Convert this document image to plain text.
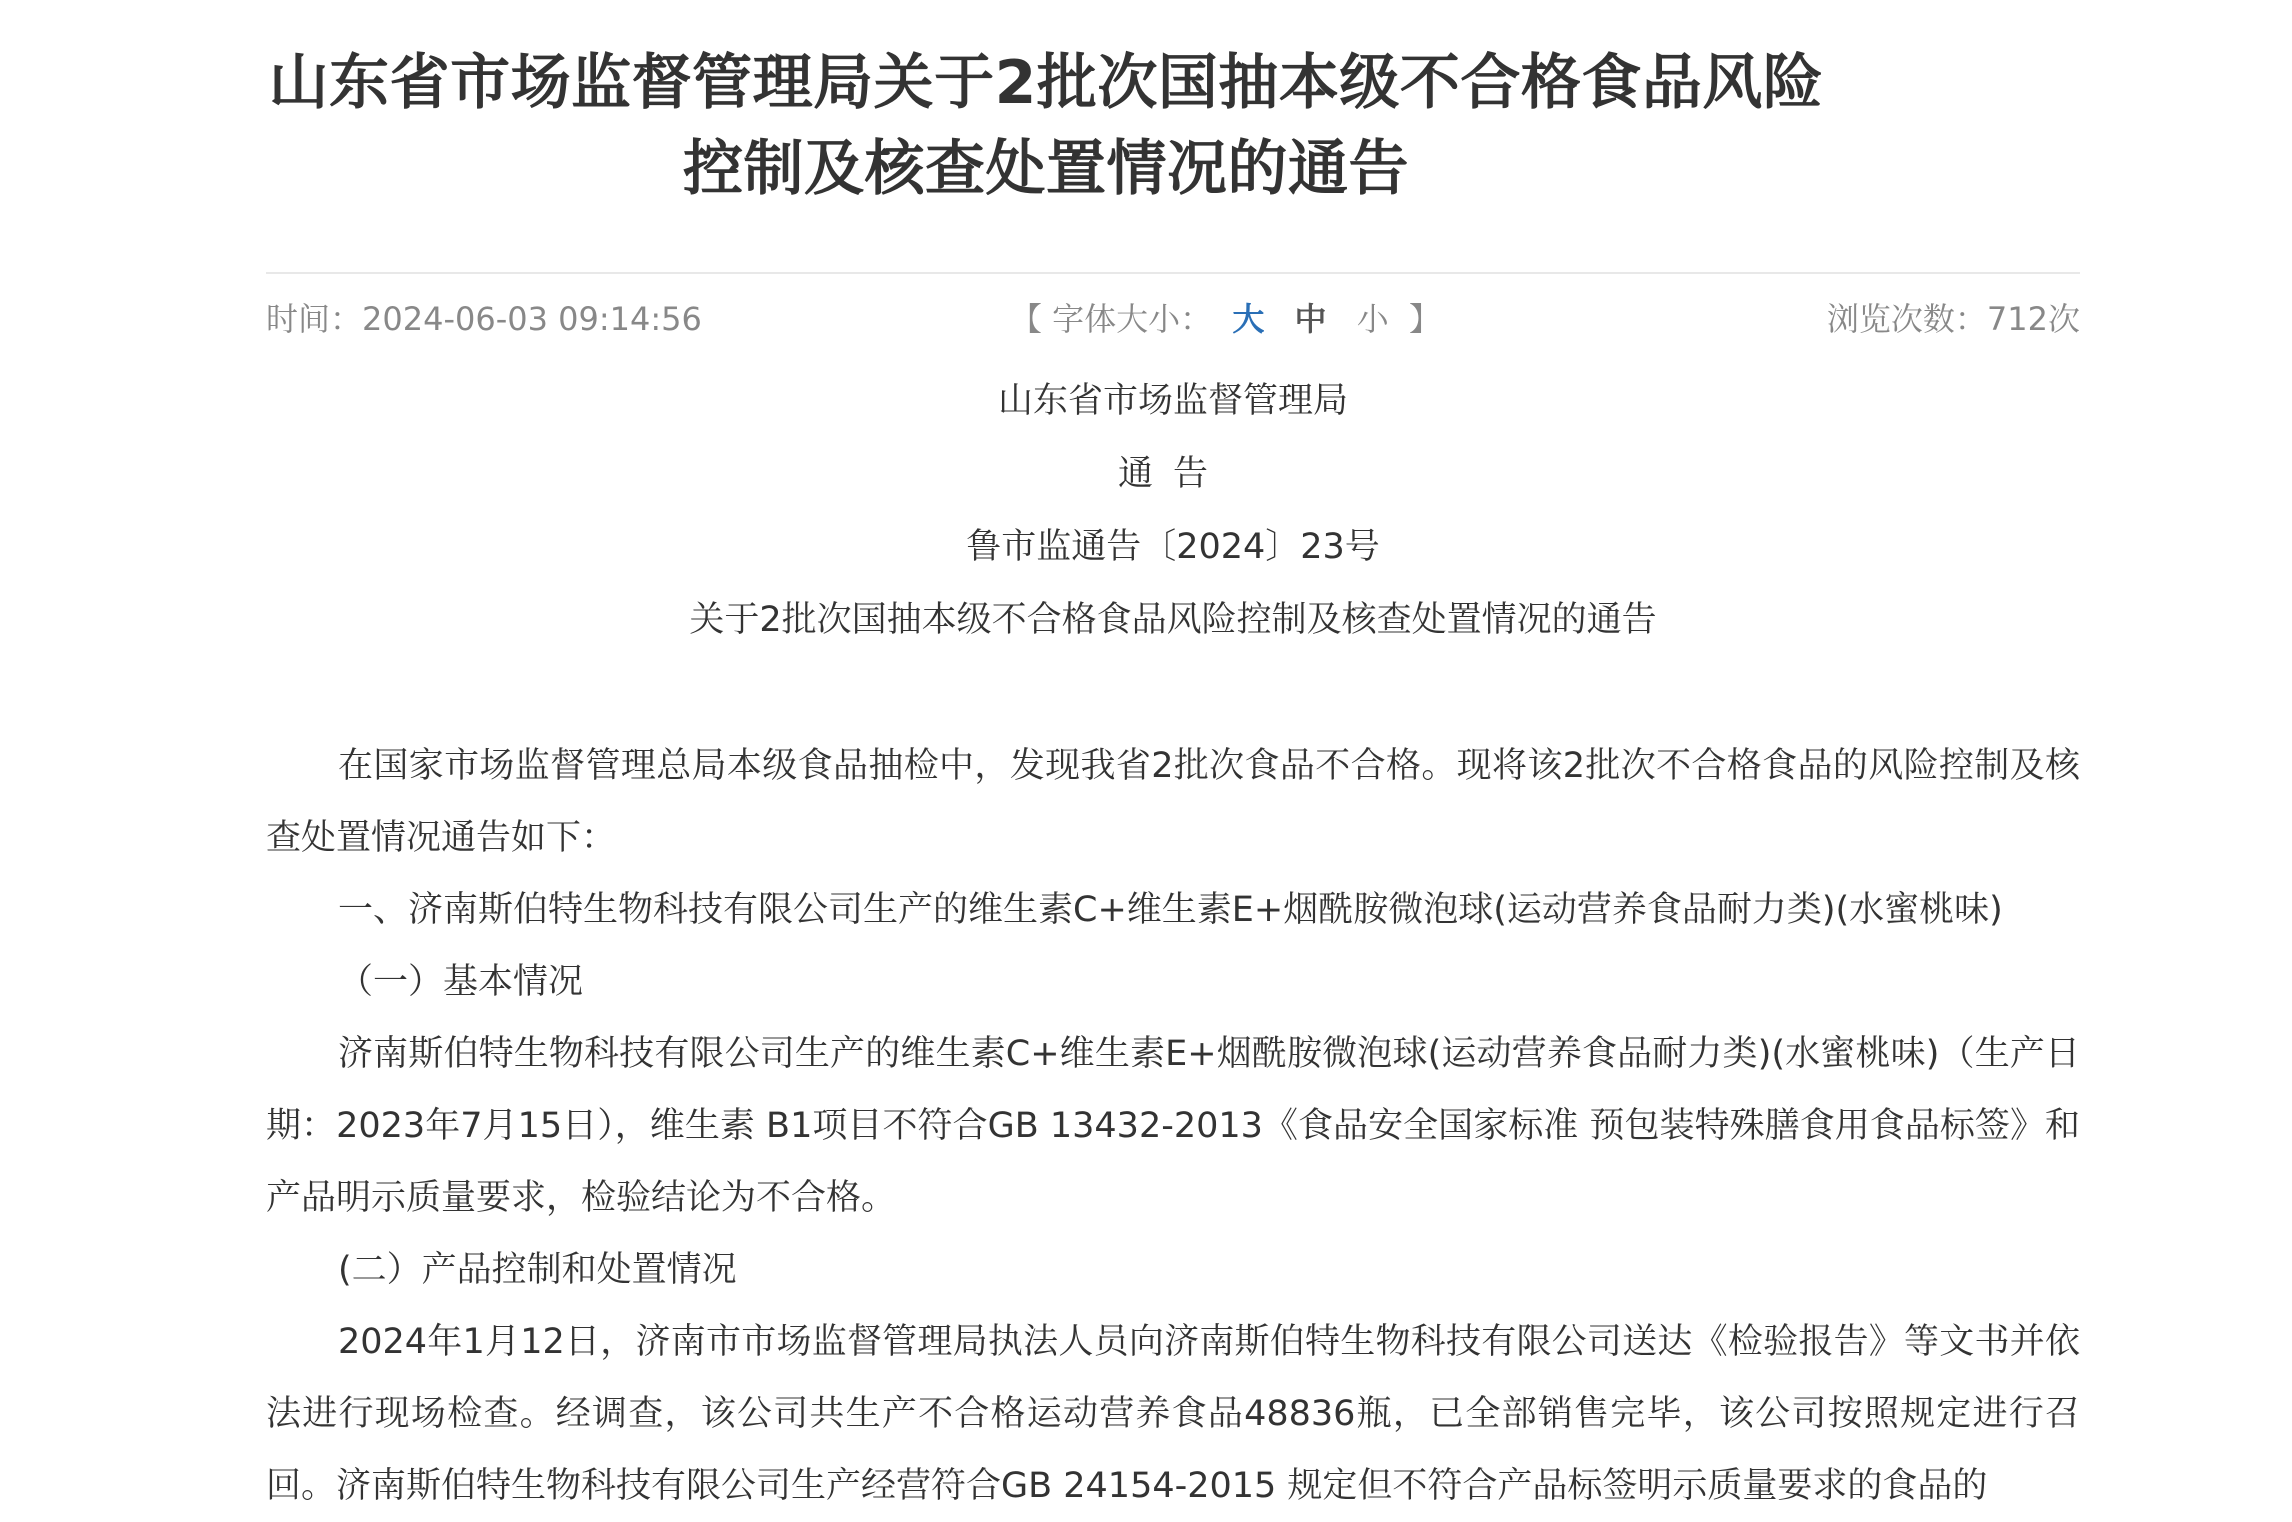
山东省市场监督管理局关于2批次国抽本级不合格食品风险控制及核查处置情况的通告
时间：2024-06-03 09:14:56	【 字体大小： 大 中 小 】	浏览次数：712次
山东省市场监督管理局
通告
鲁市监通告〔2024〕23号
关于2批次国抽本级不合格食品风险控制及核查处置情况的通告

在国家市场监督管理总局本级食品抽检中，发现我省2批次食品不合格。现将该2批次不合格食品的风险控制及核查处置情况通告如下：

一、济南斯伯特生物科技有限公司生产的维生素C+维生素E+烟酰胺微泡球(运动营养食品耐力类)(水蜜桃味)

（一）基本情况

济南斯伯特生物科技有限公司生产的维生素C+维生素E+烟酰胺微泡球(运动营养食品耐力类)(水蜜桃味)（生产日期：2023年7月15日），维生素 B1项目不符合GB 13432-2013《食品安全国家标准 预包装特殊膳食用食品标签》和产品明示质量要求，检验结论为不合格。

(二）产品控制和处置情况

2024年1月12日，济南市市场监督管理局执法人员向济南斯伯特生物科技有限公司送达《检验报告》等文书并依法进行现场检查。经调查，该公司共生产不合格运动营养食品48836瓶，已全部销售完毕，该公司按照规定进行召回。济南斯伯特生物科技有限公司生产经营符合GB 24154-2015 规定但不符合产品标签明示质量要求的食品的
